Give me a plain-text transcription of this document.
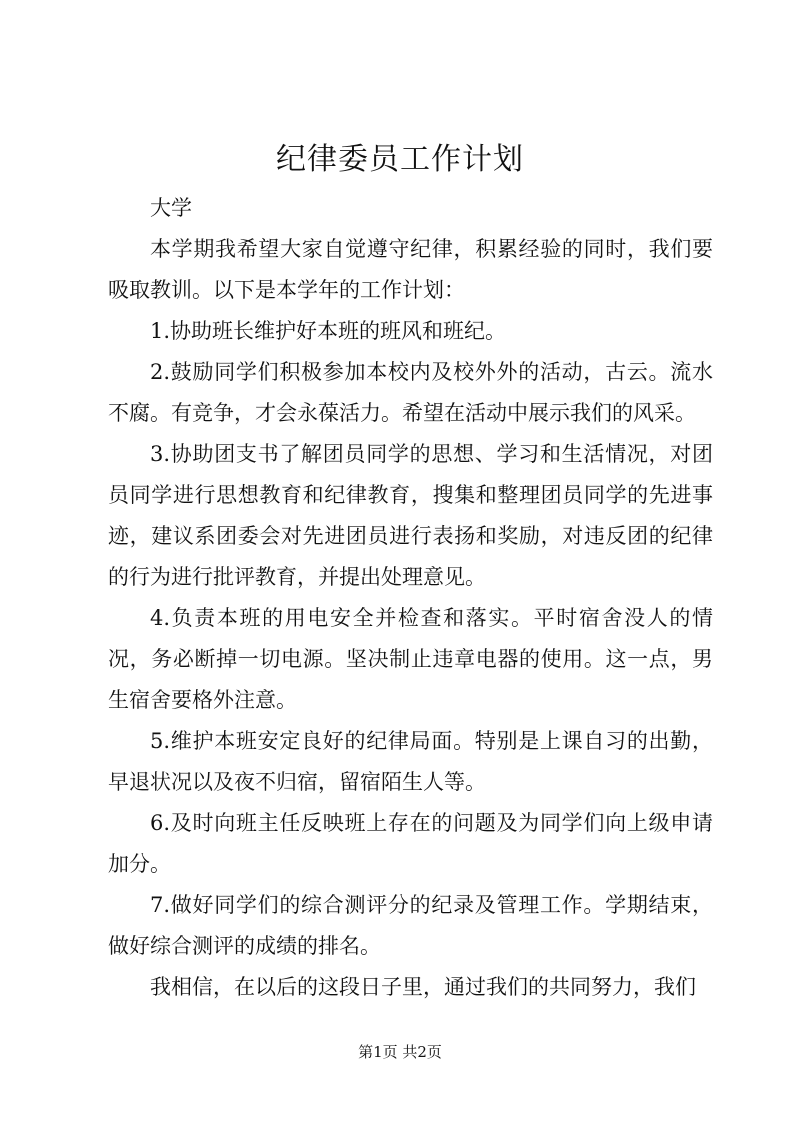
纪律委员工作计划

大学

本学期我希望大家自觉遵守纪律，积累经验的同时，我们要吸取教训。以下是本学年的工作计划：

1.协助班长维护好本班的班风和班纪。

2.鼓励同学们积极参加本校内及校外外的活动，古云。流水不腐。有竞争，才会永葆活力。希望在活动中展示我们的风采。

3.协助团支书了解团员同学的思想、学习和生活情况，对团员同学进行思想教育和纪律教育，搜集和整理团员同学的先进事迹，建议系团委会对先进团员进行表扬和奖励，对违反团的纪律的行为进行批评教育，并提出处理意见。

4.负责本班的用电安全并检查和落实。平时宿舍没人的情况，务必断掉一切电源。坚决制止违章电器的使用。这一点，男生宿舍要格外注意。

5.维护本班安定良好的纪律局面。特别是上课自习的出勤，早退状况以及夜不归宿，留宿陌生人等。

6.及时向班主任反映班上存在的问题及为同学们向上级申请加分。

7.做好同学们的综合测评分的纪录及管理工作。学期结束，做好综合测评的成绩的排名。

我相信，在以后的这段日子里，通过我们的共同努力，我们

第1页 共2页
